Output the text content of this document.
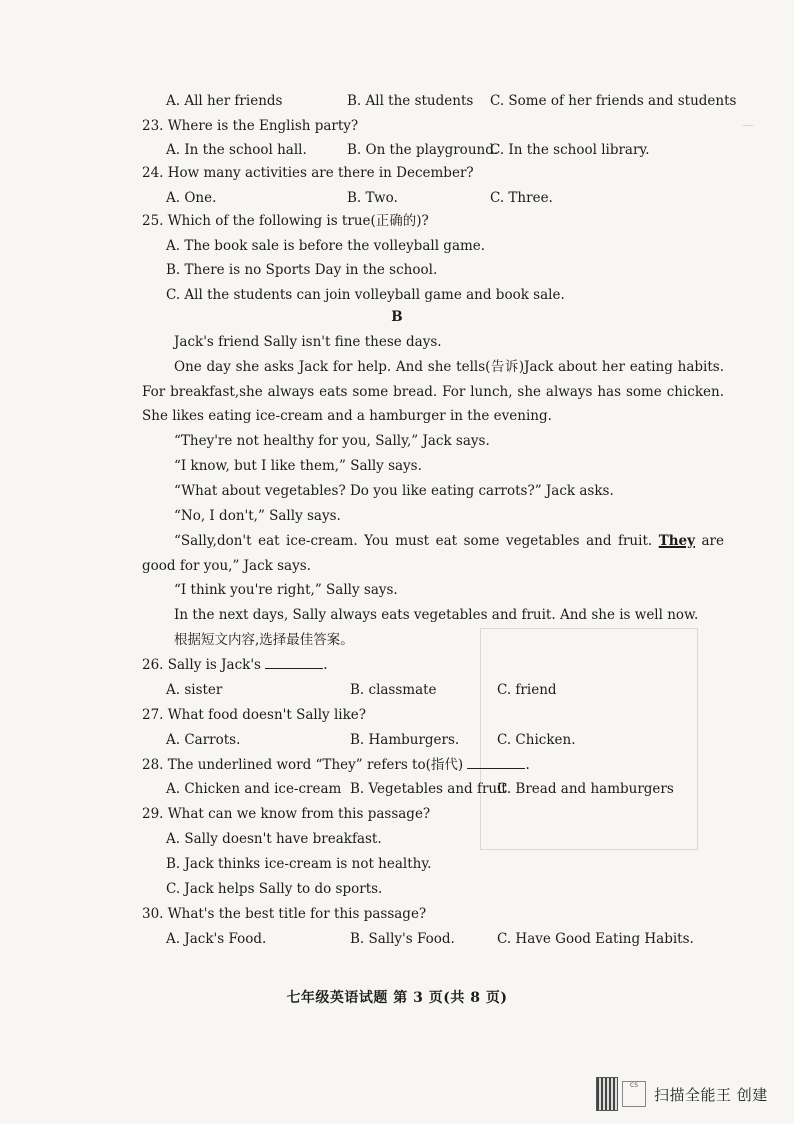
—
A. All her friends	B. All the students C. Some of her friends and students
23. Where is the English party?
A. In the school hall.	B. On the playground.
C. In the school library.
24. How many activities are there in December?
A. One.	B. Two.	C. Three.
25. Which of the following is true(正确的)?
A. The book sale is before the volleyball game.
B. There is no Sports Day in the school.
C. All the students can join volleyball game and book sale.
B
Jack's friend Sally isn't fine these days.
One day she asks Jack for help. And she tells(告诉)Jack about her eating habits. For breakfast,she always eats some bread. For lunch, she always has some chicken. She likes eating ice-cream and a hamburger in the evening.
“They're not healthy for you, Sally,” Jack says.
“I know, but I like them,” Sally says.
“What about vegetables? Do you like eating carrots?” Jack asks.
“No, I don't,” Sally says.
“Sally,don't eat ice-cream. You must eat some vegetables and fruit. They are good for you,” Jack says.
“I think you're right,” Sally says.
In the next days, Sally always eats vegetables and fruit. And she is well now.
根据短文内容,选择最佳答案。
26. Sally is Jack's	.
A. sister	B. classmate	C. friend
27. What food doesn't Sally like?
A. Carrots.	B. Hamburgers.	C. Chicken.
28. The underlined word “They” refers to(指代)	.
A. Chicken and ice-cream B. Vegetables and fruit
C. Bread and hamburgers
29. What can we know from this passage?
A. Sally doesn't have breakfast.
B. Jack thinks ice-cream is not healthy.
C. Jack helps Sally to do sports.
30. What's the best title for this passage?
A. Jack's Food.	B. Sally's Food.	C. Have Good Eating Habits.
七年级英语试题 第 3 页(共 8 页)
CS	扫描全能王 创建
